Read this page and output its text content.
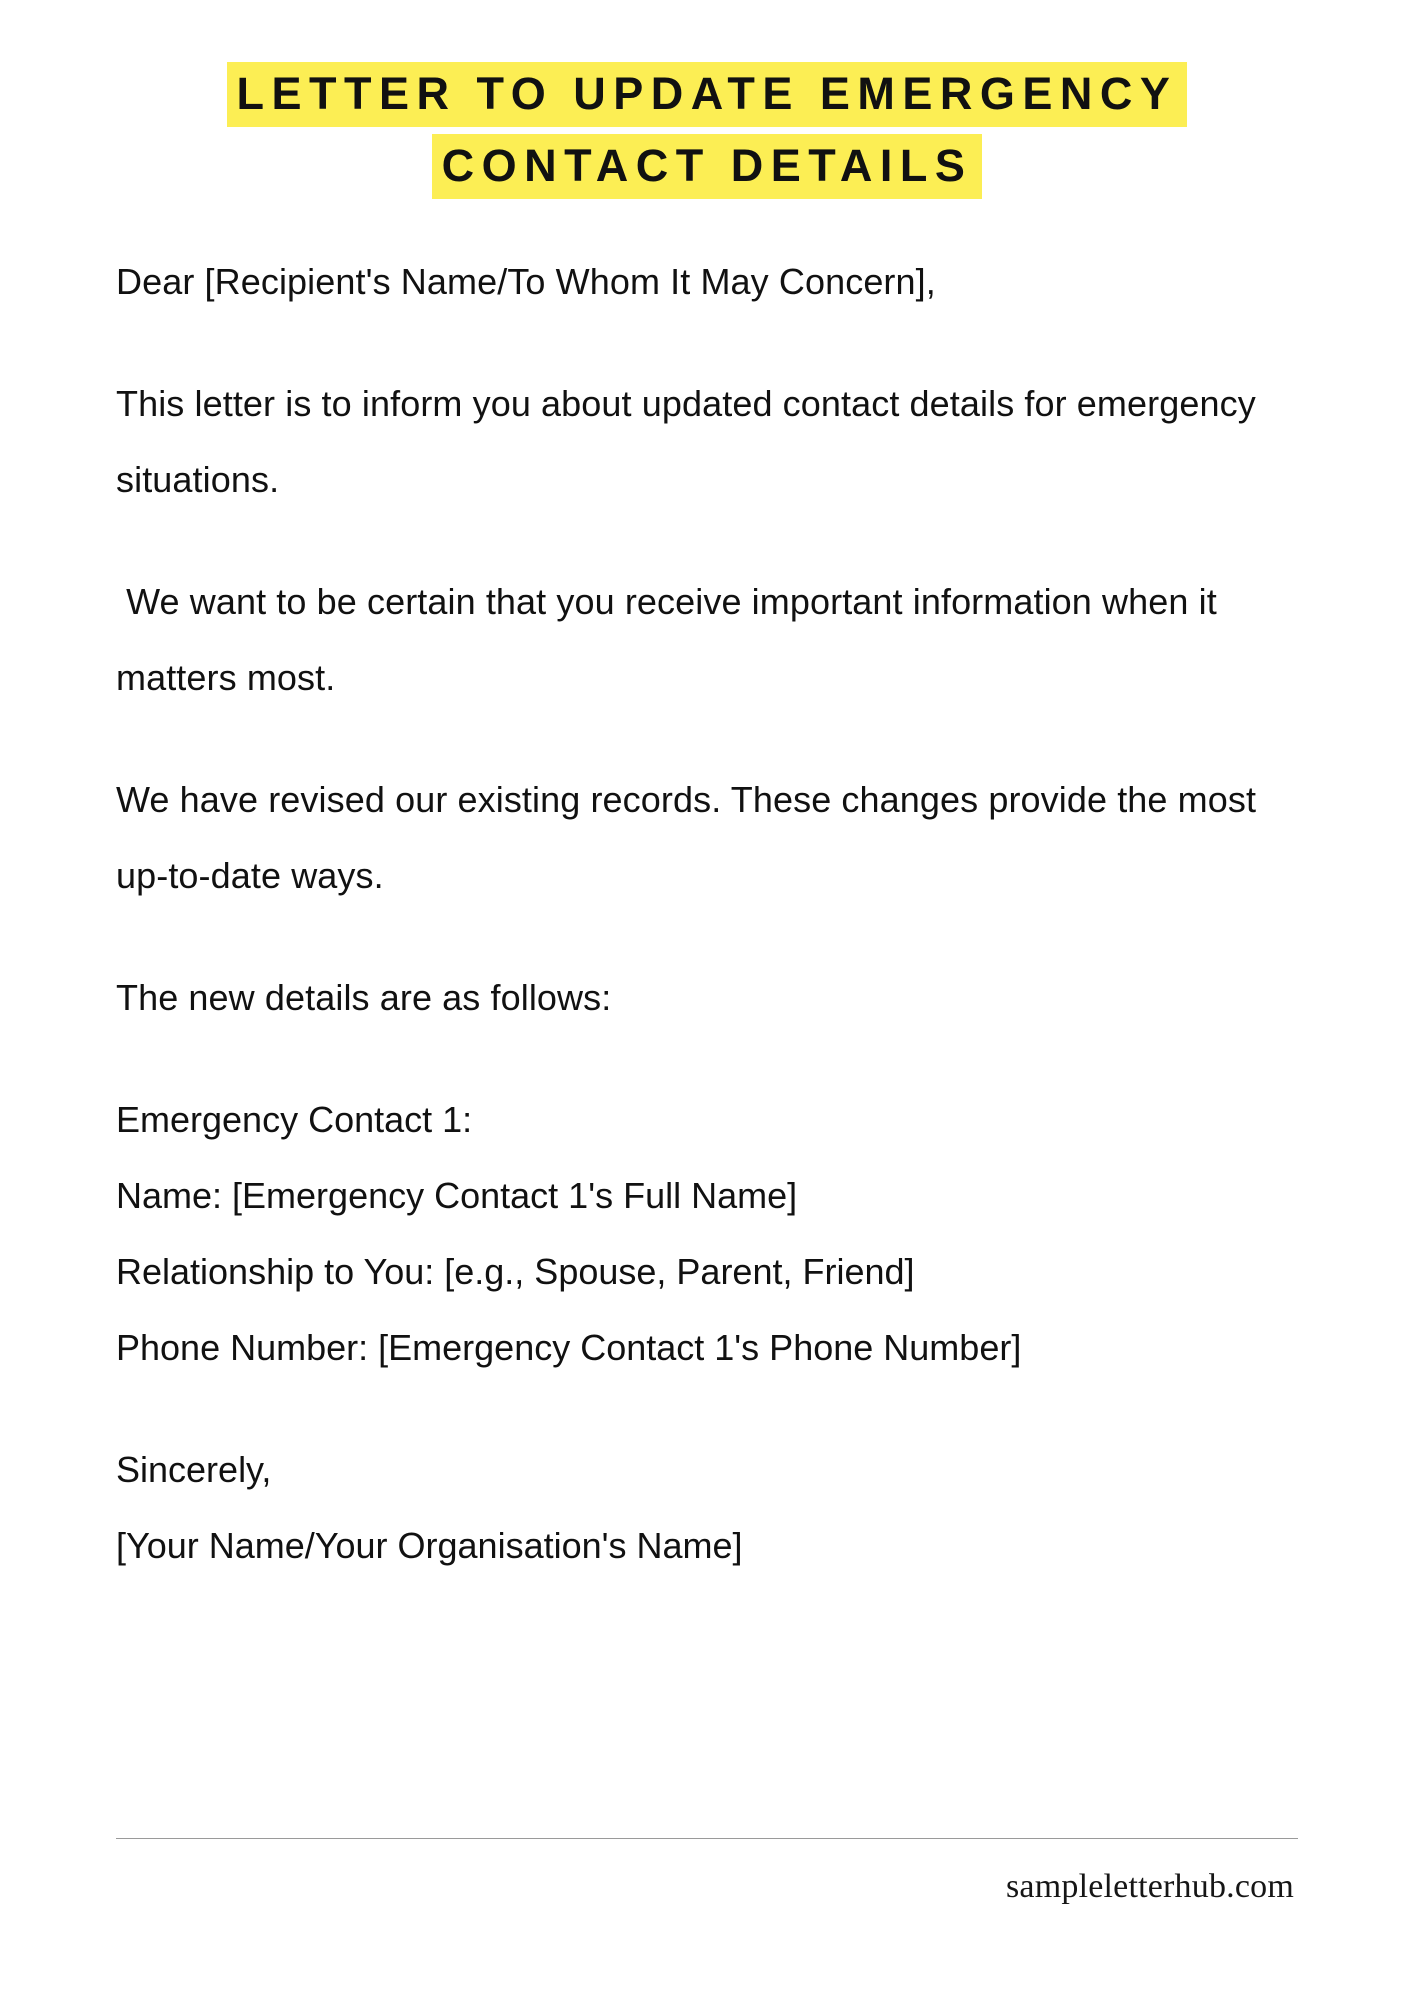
LETTER TO UPDATE EMERGENCY
CONTACT DETAILS

Dear [Recipient's Name/To Whom It May Concern],

This letter is to inform you about updated contact details for emergency situations.

We want to be certain that you receive important information when it matters most.

We have revised our existing records. These changes provide the most up-to-date ways.

The new details are as follows:

Emergency Contact 1:
Name: [Emergency Contact 1's Full Name]
Relationship to You: [e.g., Spouse, Parent, Friend]
Phone Number: [Emergency Contact 1's Phone Number]
Sincerely,
[Your Name/Your Organisation's Name]
sampleletterhub.com
